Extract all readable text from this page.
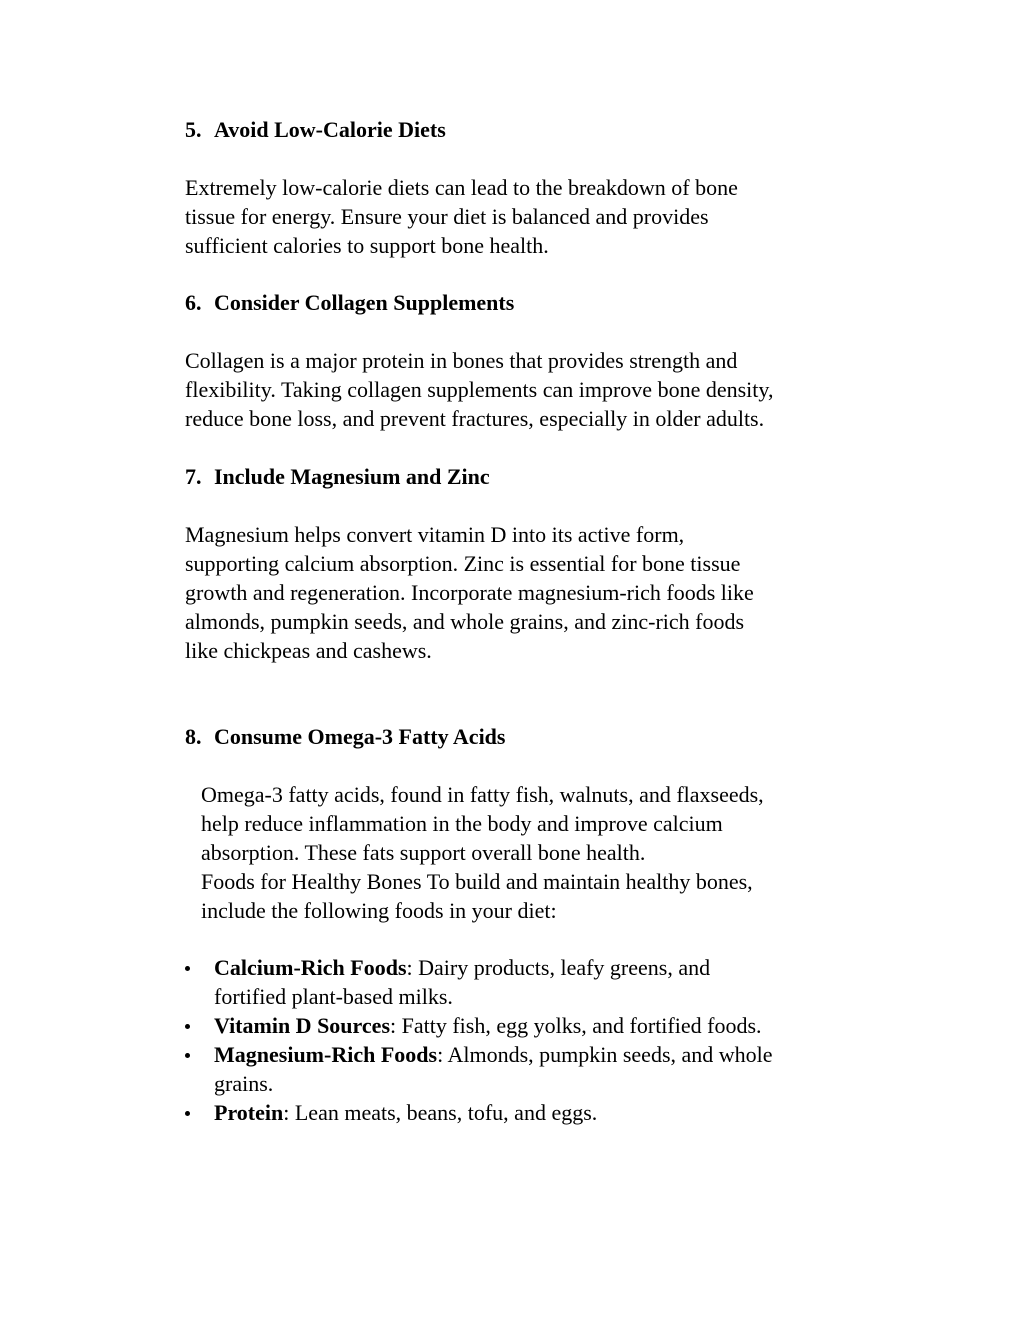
5. Avoid Low-Calorie Diets
Extremely low-calorie diets can lead to the breakdown of bone
tissue for energy. Ensure your diet is balanced and provides
sufficient calories to support bone health.
6. Consider Collagen Supplements
Collagen is a major protein in bones that provides strength and
flexibility. Taking collagen supplements can improve bone density,
reduce bone loss, and prevent fractures, especially in older adults.
7. Include Magnesium and Zinc
Magnesium helps convert vitamin D into its active form,
supporting calcium absorption. Zinc is essential for bone tissue
growth and regeneration. Incorporate magnesium-rich foods like
almonds, pumpkin seeds, and whole grains, and zinc-rich foods
like chickpeas and cashews.
8. Consume Omega-3 Fatty Acids
Omega-3 fatty acids, found in fatty fish, walnuts, and flaxseeds,
help reduce inflammation in the body and improve calcium
absorption. These fats support overall bone health.
Foods for Healthy Bones To build and maintain healthy bones,
include the following foods in your diet:
Calcium-Rich Foods: Dairy products, leafy greens, and
fortified plant-based milks.
Vitamin D Sources: Fatty fish, egg yolks, and fortified foods.
Magnesium-Rich Foods: Almonds, pumpkin seeds, and whole
grains.
Protein: Lean meats, beans, tofu, and eggs.
